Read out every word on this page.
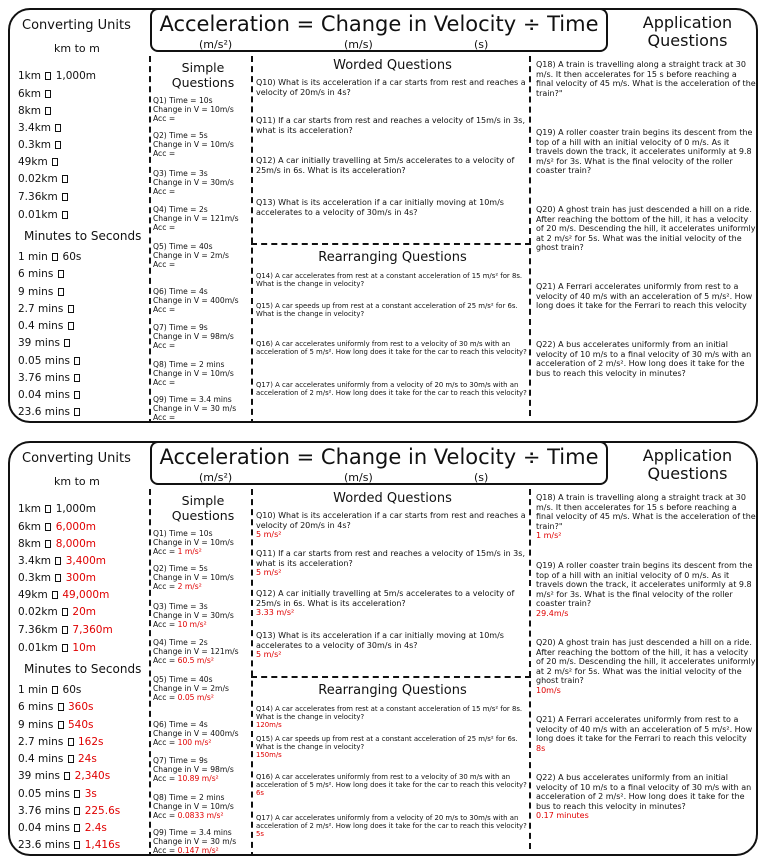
Acceleration = Change in Velocity ÷ Time
(m/s²)	(m/s)	(s)
Application Questions
Converting Units
km to m
1km 1,000m
6km
8km
3.4km
0.3km
49km
0.02km
7.36km
0.01km
Minutes to Seconds
1 min 60s
6 mins
9 mins
2.7 mins
0.4 mins
39 mins
0.05 mins
3.76 mins
0.04 mins
23.6 mins
Simple Questions
Q1) Time = 10s
Change in V = 10m/s
Acc =
Q2) Time = 5s
Change in V = 10m/s
Acc =
Q3) Time = 3s
Change in V = 30m/s
Acc =
Q4) Time = 2s
Change in V = 121m/s
Acc =
Q5) Time = 40s
Change in V = 2m/s
Acc =
Q6) Time = 4s
Change in V = 400m/s
Acc =
Q7) Time = 9s
Change in V = 98m/s
Acc =
Q8) Time = 2 mins
Change in V = 10m/s
Acc =
Q9) Time = 3.4 mins
Change in V = 30 m/s
Acc =
Worded Questions
Q10) What is its acceleration if a car starts from rest and reaches a velocity of 20m/s in 4s?
Q11) If a car starts from rest and reaches a velocity of 15m/s in 3s, what is its acceleration?
Q12) A car initially travelling at 5m/s accelerates to a velocity of 25m/s in 6s. What is its acceleration?
Q13) What is its acceleration if a car initially moving at 10m/s accelerates to a velocity of 30m/s in 4s?
Rearranging Questions
Q14) A car accelerates from rest at a constant acceleration of 15 m/s² for 8s. What is the change in velocity?
Q15) A car speeds up from rest at a constant acceleration of 25 m/s² for 6s. What is the change in velocity?
Q16) A car accelerates uniformly from rest to a velocity of 30 m/s with an acceleration of 5 m/s². How long does it take for the car to reach this velocity?
Q17) A car accelerates uniformly from a velocity of 20 m/s to 30m/s with an acceleration of 2 m/s². How long does it take for the car to reach this velocity?
Q18) A train is travelling along a straight track at 30 m/s. It then accelerates for 15 s before reaching a final velocity of 45 m/s. What is the acceleration of the train?"
Q19) A roller coaster train begins its descent from the top of a hill with an initial velocity of 0 m/s. As it travels down the track, it accelerates uniformly at 9.8 m/s² for 3s. What is the final velocity of the roller coaster train?
Q20) A ghost train has just descended a hill on a ride. After reaching the bottom of the hill, it has a velocity of 20 m/s. Descending the hill, it accelerates uniformly at 2 m/s² for 5s. What was the initial velocity of the ghost train?
Q21) A Ferrari accelerates uniformly from rest to a velocity of 40 m/s with an acceleration of 5 m/s². How long does it take for the Ferrari to reach this velocity
Q22) A bus accelerates uniformly from an initial velocity of 10 m/s to a final velocity of 30 m/s with an acceleration of 2 m/s². How long does it take for the bus to reach this velocity in minutes?
Acceleration = Change in Velocity ÷ Time
(m/s²)	(m/s)	(s)
Application Questions
Converting Units
km to m
1km 1,000m
6km 6,000m
8km 8,000m
3.4km 3,400m
0.3km 300m
49km 49,000m
0.02km 20m
7.36km 7,360m
0.01km 10m
Minutes to Seconds
1 min 60s
6 mins 360s
9 mins 540s
2.7 mins 162s
0.4 mins 24s
39 mins 2,340s
0.05 mins 3s
3.76 mins 225.6s
0.04 mins 2.4s
23.6 mins 1,416s
Simple Questions
Q1) Time = 10s
Change in V = 10m/s
Acc = 1 m/s²
Q2) Time = 5s
Change in V = 10m/s
Acc = 2 m/s²
Q3) Time = 3s
Change in V = 30m/s
Acc = 10 m/s²
Q4) Time = 2s
Change in V = 121m/s
Acc = 60.5 m/s²
Q5) Time = 40s
Change in V = 2m/s
Acc = 0.05 m/s²
Q6) Time = 4s
Change in V = 400m/s
Acc = 100 m/s²
Q7) Time = 9s
Change in V = 98m/s
Acc = 10.89 m/s²
Q8) Time = 2 mins
Change in V = 10m/s
Acc = 0.0833 m/s²
Q9) Time = 3.4 mins
Change in V = 30 m/s
Acc = 0.147 m/s²
Worded Questions
Q10) What is its acceleration if a car starts from rest and reaches a velocity of 20m/s in 4s?
5 m/s²
Q11) If a car starts from rest and reaches a velocity of 15m/s in 3s, what is its acceleration?
5 m/s²
Q12) A car initially travelling at 5m/s accelerates to a velocity of 25m/s in 6s. What is its acceleration?
3.33 m/s²
Q13) What is its acceleration if a car initially moving at 10m/s accelerates to a velocity of 30m/s in 4s?
5 m/s²
Rearranging Questions
Q14) A car accelerates from rest at a constant acceleration of 15 m/s² for 8s. What is the change in velocity?
120m/s
Q15) A car speeds up from rest at a constant acceleration of 25 m/s² for 6s. What is the change in velocity?
150m/s
Q16) A car accelerates uniformly from rest to a velocity of 30 m/s with an acceleration of 5 m/s². How long does it take for the car to reach this velocity?
6s
Q17) A car accelerates uniformly from a velocity of 20 m/s to 30m/s with an acceleration of 2 m/s². How long does it take for the car to reach this velocity?
5s
Q18) A train is travelling along a straight track at 30 m/s. It then accelerates for 15 s before reaching a final velocity of 45 m/s. What is the acceleration of the train?"
1 m/s²
Q19) A roller coaster train begins its descent from the top of a hill with an initial velocity of 0 m/s. As it travels down the track, it accelerates uniformly at 9.8 m/s² for 3s. What is the final velocity of the roller coaster train?
29.4m/s
Q20) A ghost train has just descended a hill on a ride. After reaching the bottom of the hill, it has a velocity of 20 m/s. Descending the hill, it accelerates uniformly at 2 m/s² for 5s. What was the initial velocity of the ghost train?
10m/s
Q21) A Ferrari accelerates uniformly from rest to a velocity of 40 m/s with an acceleration of 5 m/s². How long does it take for the Ferrari to reach this velocity
8s
Q22) A bus accelerates uniformly from an initial velocity of 10 m/s to a final velocity of 30 m/s with an acceleration of 2 m/s². How long does it take for the bus to reach this velocity in minutes?
0.17 minutes
